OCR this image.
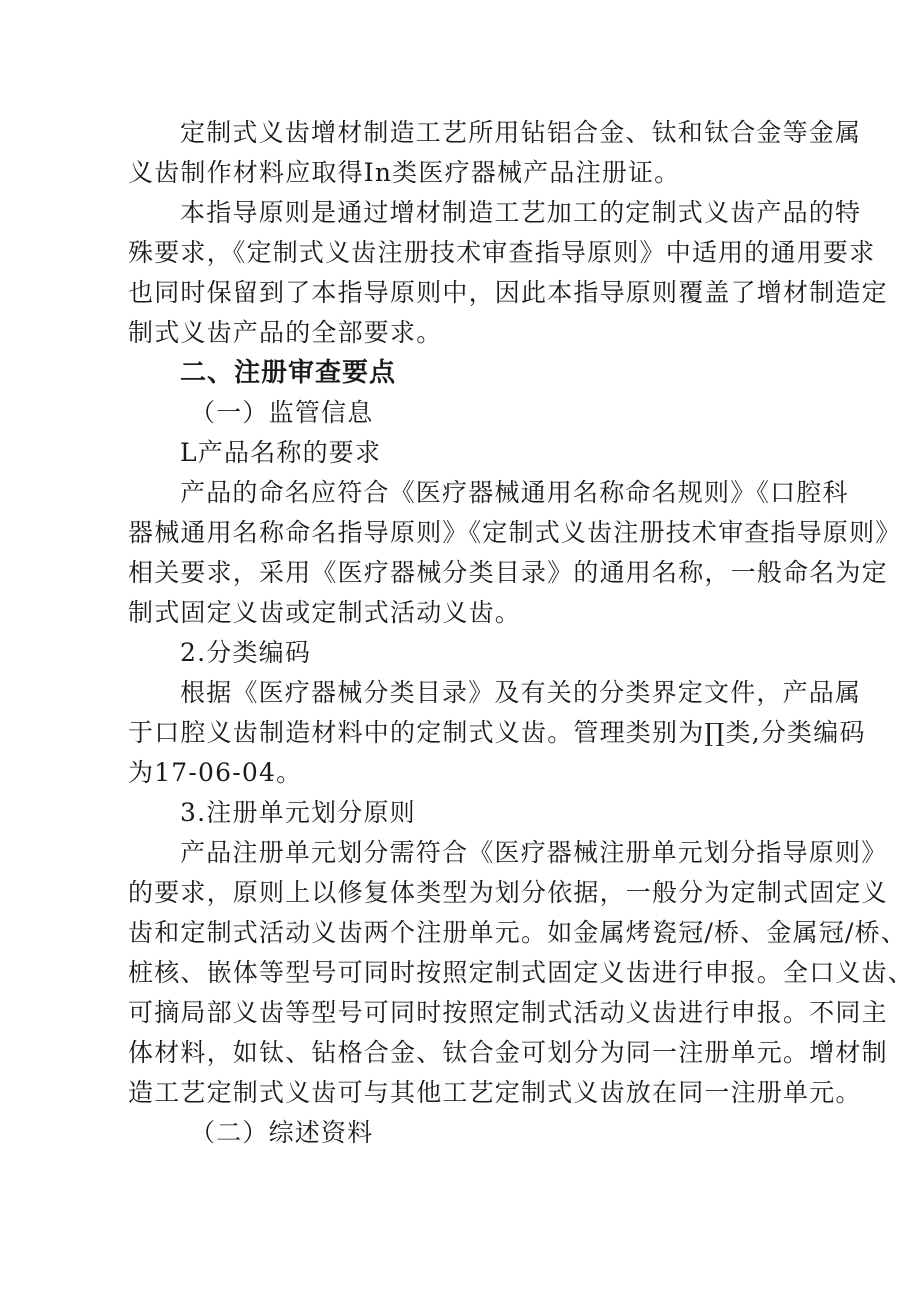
定制式义齿增材制造工艺所用钻铝合金、钛和钛合金等金属
义齿制作材料应取得In类医疗器械产品注册证。
本指导原则是通过增材制造工艺加工的定制式义齿产品的特
殊要求，《定制式义齿注册技术审查指导原则》中适用的通用要求
也同时保留到了本指导原则中，因此本指导原则覆盖了增材制造定
制式义齿产品的全部要求。
二、注册审查要点
（一）监管信息
L产品名称的要求
产品的命名应符合《医疗器械通用名称命名规则》《口腔科
器械通用名称命名指导原则》《定制式义齿注册技术审查指导原则》
相关要求，采用《医疗器械分类目录》的通用名称，一般命名为定
制式固定义齿或定制式活动义齿。
2.分类编码
根据《医疗器械分类目录》及有关的分类界定文件，产品属
于口腔义齿制造材料中的定制式义齿。管理类别为∏类,分类编码
为17-06-04。
3.注册单元划分原则
产品注册单元划分需符合《医疗器械注册单元划分指导原则》
的要求，原则上以修复体类型为划分依据，一般分为定制式固定义
齿和定制式活动义齿两个注册单元。如金属烤瓷冠/桥、金属冠/桥、
桩核、嵌体等型号可同时按照定制式固定义齿进行申报。全口义齿、
可摘局部义齿等型号可同时按照定制式活动义齿进行申报。不同主
体材料，如钛、钻格合金、钛合金可划分为同一注册单元。增材制
造工艺定制式义齿可与其他工艺定制式义齿放在同一注册单元。
（二）综述资料
